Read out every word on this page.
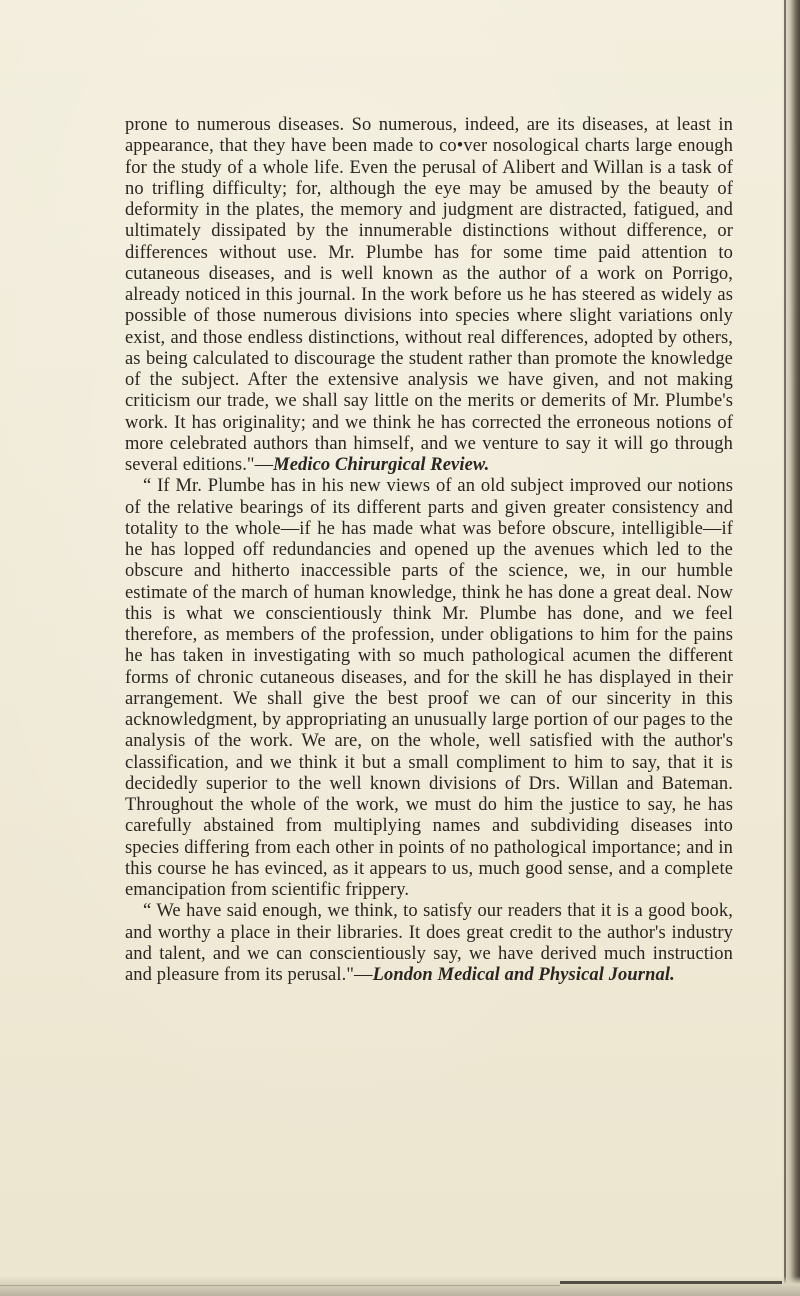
prone to numerous diseases. So numerous, indeed, are its diseases, at least in appearance, that they have been made to co•ver nosological charts large enough for the study of a whole life. Even the perusal of Alibert and Willan is a task of no trifling difficulty; for, although the eye may be amused by the beauty of deformity in the plates, the memory and judgment are distracted, fatigued, and ultimately dissipated by the innumerable distinctions without difference, or differences without use. Mr. Plumbe has for some time paid attention to cutaneous diseases, and is well known as the author of a work on Porrigo, already noticed in this journal. In the work before us he has steered as widely as possible of those numerous divisions into species where slight variations only exist, and those endless distinctions, without real differences, adopted by others, as being calculated to discourage the student rather than promote the knowledge of the subject. After the extensive analysis we have given, and not making criticism our trade, we shall say little on the merits or demerits of Mr. Plumbe's work. It has originality; and we think he has corrected the erroneous notions of more celebrated authors than himself, and we venture to say it will go through several editions."—Medico Chirurgical Review.

“ If Mr. Plumbe has in his new views of an old subject improved our notions of the relative bearings of its different parts and given greater consistency and totality to the whole—if he has made what was before obscure, intelligible—if he has lopped off redundancies and opened up the avenues which led to the obscure and hitherto inaccessible parts of the science, we, in our humble estimate of the march of human knowledge, think he has done a great deal. Now this is what we conscientiously think Mr. Plumbe has done, and we feel therefore, as members of the profession, under obligations to him for the pains he has taken in investigating with so much pathological acumen the different forms of chronic cutaneous diseases, and for the skill he has displayed in their arrangement. We shall give the best proof we can of our sincerity in this acknowledgment, by appropriating an unusually large portion of our pages to the analysis of the work. We are, on the whole, well satisfied with the author's classification, and we think it but a small compliment to him to say, that it is decidedly superior to the well known divisions of Drs. Willan and Bateman. Throughout the whole of the work, we must do him the justice to say, he has carefully abstained from multiplying names and subdividing diseases into species differing from each other in points of no pathological importance; and in this course he has evinced, as it appears to us, much good sense, and a complete emancipation from scientific frippery.

“ We have said enough, we think, to satisfy our readers that it is a good book, and worthy a place in their libraries. It does great credit to the author's industry and talent, and we can conscientiously say, we have derived much instruction and pleasure from its perusal."—London Medical and Physical Journal.
